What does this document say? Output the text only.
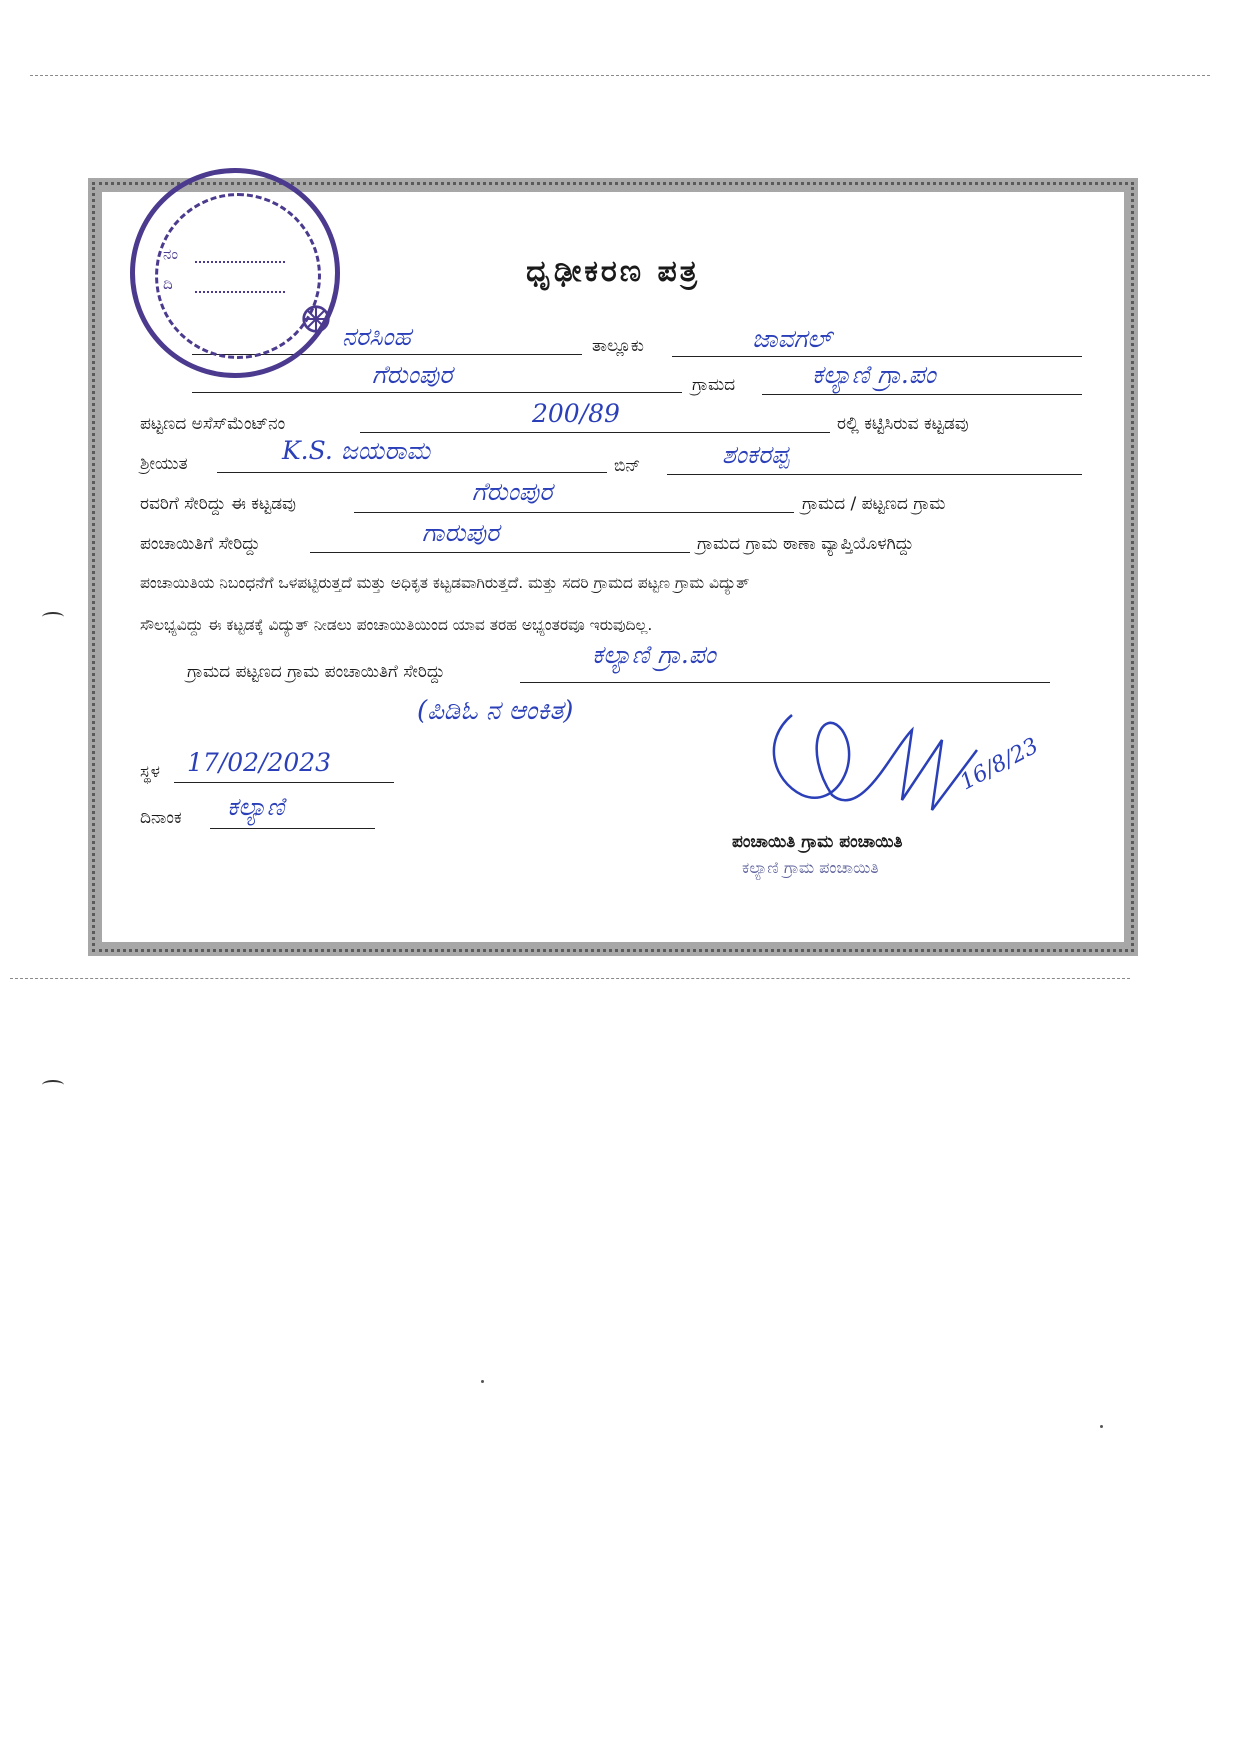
ಧೃಢೀಕರಣ ಪತ್ರ
ನರಸಿಂಹ	ತಾಲ್ಲೂಕು	ಜಾವಗಲ್
ಗೆರುಂಪುರ	ಗ್ರಾಮದ	ಕಲ್ಯಾಣಿ ಗ್ರಾ.ಪಂ
ಪಟ್ಟಣದ ಅಸೆಸ್‌ಮೆಂಟ್‌ನಂ	200/89	ರಲ್ಲಿ ಕಟ್ಟಿಸಿರುವ ಕಟ್ಟಡವು
ಶ್ರೀಯುತ	K.S. ಜಯರಾಮ
ಬಿನ್	ಶಂಕರಪ್ಪ
ರವರಿಗೆ ಸೇರಿದ್ದು ಈ ಕಟ್ಟಡವು	ಗೆರುಂಪುರ	ಗ್ರಾಮದ / ಪಟ್ಟಣದ ಗ್ರಾಮ
ಪಂಚಾಯಿತಿಗೆ ಸೇರಿದ್ದು	ಗಾರುಪುರ	ಗ್ರಾಮದ ಗ್ರಾಮ ಠಾಣಾ ವ್ಯಾಪ್ತಿಯೊಳಗಿದ್ದು
ಪಂಚಾಯಿತಿಯ ನಿಬಂಧನೆಗೆ ಒಳಪಟ್ಟಿರುತ್ತದೆ ಮತ್ತು ಅಧಿಕೃತ ಕಟ್ಟಡವಾಗಿರುತ್ತದೆ. ಮತ್ತು ಸದರಿ ಗ್ರಾಮದ ಪಟ್ಟಣ ಗ್ರಾಮ ವಿದ್ಯುತ್
ಸೌಲಭ್ಯವಿದ್ದು ಈ ಕಟ್ಟಡಕ್ಕೆ ವಿದ್ಯುತ್ ನೀಡಲು ಪಂಚಾಯಿತಿಯಿಂದ ಯಾವ ತರಹ ಅಭ್ಯಂತರವೂ ಇರುವುದಿಲ್ಲ.
ಗ್ರಾಮದ ಪಟ್ಟಣದ ಗ್ರಾಮ ಪಂಚಾಯಿತಿಗೆ ಸೇರಿದ್ದು
ಕಲ್ಯಾಣಿ ಗ್ರಾ.ಪಂ
(ಪಿಡಿಓ ನ ಆಂಕಿತ)
ಸ್ಥಳ 17/02/2023
ದಿನಾಂಕ ಕಲ್ಯಾಣಿ
16/8/23
ಪಂಚಾಯಿತಿ ಗ್ರಾಮ ಪಂಚಾಯಿತಿ
ಕಲ್ಯಾಣಿ ಗ್ರಾಮ ಪಂಚಾಯಿತಿ
ನಂ
ದಿ
